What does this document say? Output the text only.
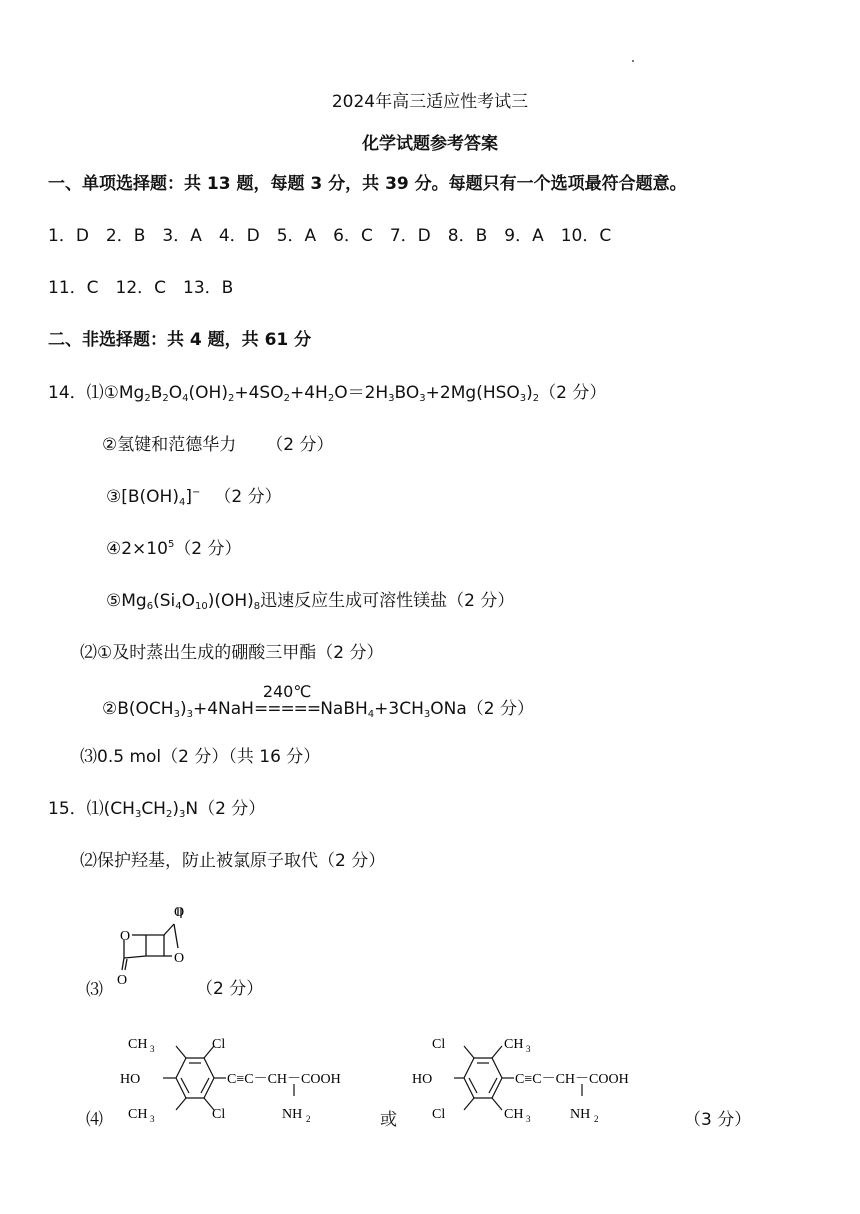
2024年高三适应性考试三
化学试题参考答案
一、单项选择题：共 13 题，每题 3 分，共 39 分。每题只有一个选项最符合题意。
1．D　2．B　3．A　4．D　5．A　6．C　7．D　8．B　9．A　10．C
11．C　12．C　13．B
二、非选择题：共 4 题，共 61 分
14．$⑴①Mg_2B_2O_4(OH)_2+4SO_2+4H_2O=2H_3BO_3+2Mg(HSO_3)_2(2$ 分）
②氢键和范德华力 （2 分）
$③[B(OH)_4]^-$ （2 分）
$④2\times 10^5(2$ 分）
$⑤Mg_6(Si_4O_{10})(OH)_8$迅速反应生成可溶性镁盐（2 分）
⑵①及时蒸出生成的硼酸三甲酯（2 分）
$②B(OCH_3)_3+4NaH$
240℃
$=====NaBH_4+3CH_3ONa(2$ 分）
⑶0.5 mol（2 分）（共 16 分）
15．$⑴(CH_3CH_2)_3N(2$ 分）
⑵保护羟基，防止被氯原子取代（2 分）
⑶
O
O
O
O	（2 分）
⑷
CH 3	Cl
HO
CH 3	Cl
C≡C－CH－COOH
NH 2	或
Cl	CH 3
HO
Cl	CH 3
C≡C－CH－COOH
NH 2	（3 分）
